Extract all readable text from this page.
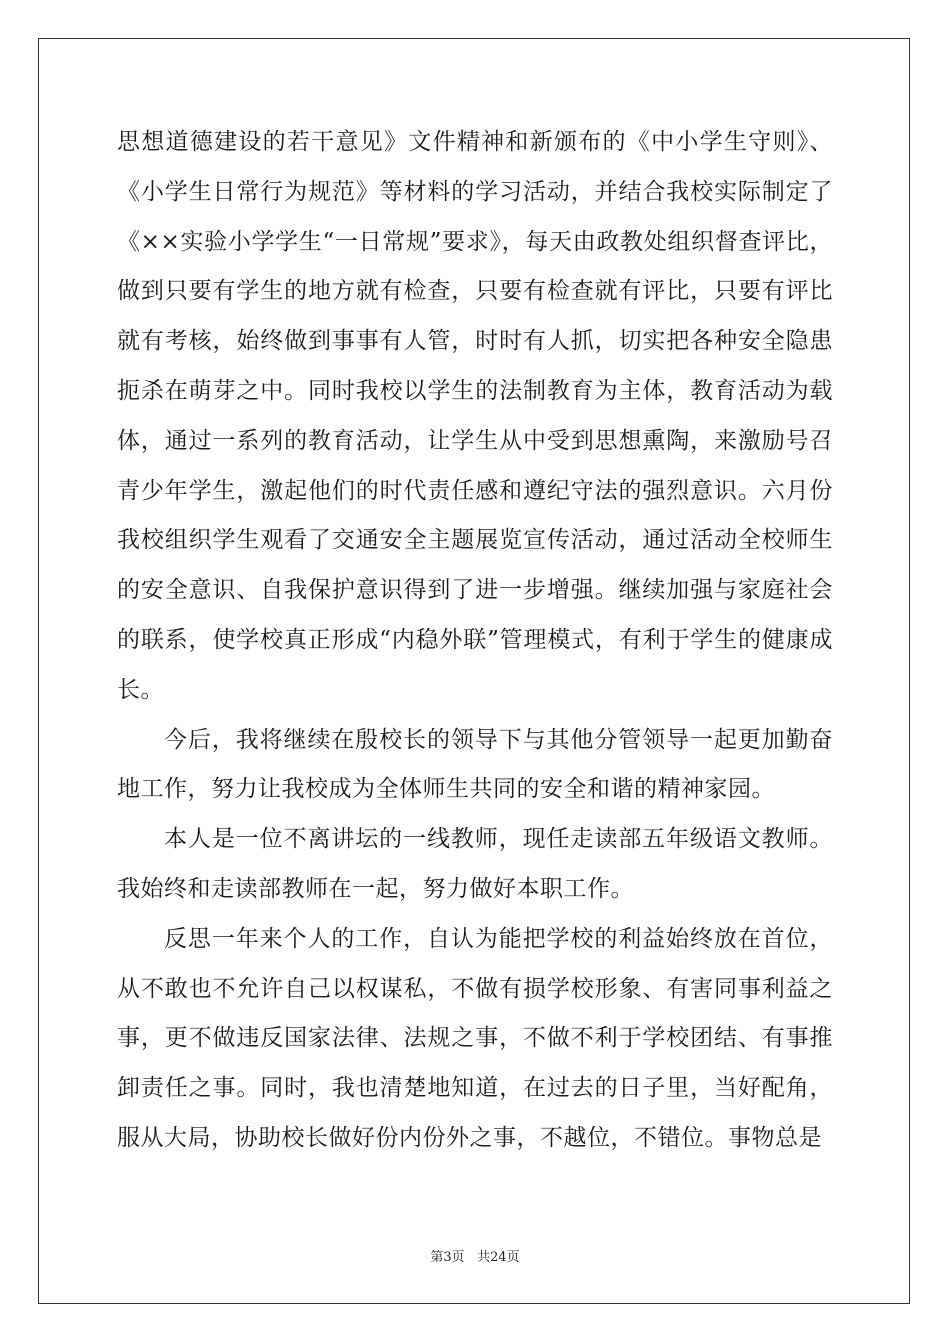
思想道德建设的若干意见》文件精神和新颁布的《中小学生守则》、《小学生日常行为规范》等材料的学习活动，并结合我校实际制定了《××实验小学学生“一日常规”要求》，每天由政教处组织督查评比，做到只要有学生的地方就有检查，只要有检查就有评比，只要有评比就有考核，始终做到事事有人管，时时有人抓，切实把各种安全隐患扼杀在萌芽之中。同时我校以学生的法制教育为主体，教育活动为载体，通过一系列的教育活动，让学生从中受到思想熏陶，来激励号召青少年学生，激起他们的时代责任感和遵纪守法的强烈意识。六月份我校组织学生观看了交通安全主题展览宣传活动，通过活动全校师生的安全意识、自我保护意识得到了进一步增强。继续加强与家庭社会的联系，使学校真正形成“内稳外联”管理模式，有利于学生的健康成长。

今后，我将继续在殷校长的领导下与其他分管领导一起更加勤奋地工作，努力让我校成为全体师生共同的安全和谐的精神家园。

本人是一位不离讲坛的一线教师，现任走读部五年级语文教师。我始终和走读部教师在一起，努力做好本职工作。

反思一年来个人的工作，自认为能把学校的利益始终放在首位，从不敢也不允许自己以权谋私，不做有损学校形象、有害同事利益之事，更不做违反国家法律、法规之事，不做不利于学校团结、有事推卸责任之事。同时，我也清楚地知道，在过去的日子里，当好配角，服从大局，协助校长做好份内份外之事，不越位，不错位。事物总是

第3页 共24页
